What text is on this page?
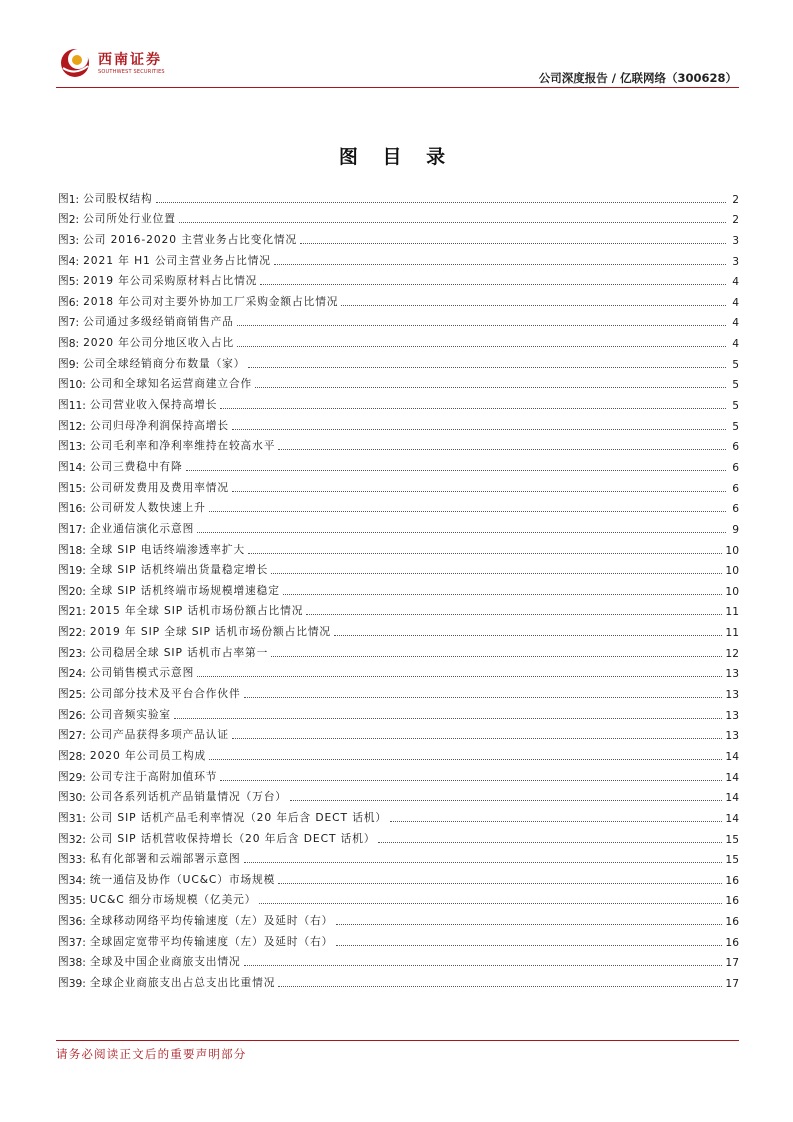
西南证券
SOUTHWEST SECURITIES	公司深度报告 / 亿联网络（300628）
图 目 录
图 1: 公司股权结构	2
图 2: 公司所处行业位置	2
图 3: 公司 2016-2020 主营业务占比变化情况	3
图 4: 2021 年 H1 公司主营业务占比情况	3
图 5: 2019 年公司采购原材料占比情况	4
图 6: 2018 年公司对主要外协加工厂采购金额占比情况	4
图 7: 公司通过多级经销商销售产品	4
图 8: 2020 年公司分地区收入占比	4
图 9: 公司全球经销商分布数量（家）	5
图 10: 公司和全球知名运营商建立合作	5
图 11: 公司营业收入保持高增长	5
图 12: 公司归母净利润保持高增长	5
图 13: 公司毛利率和净利率维持在较高水平	6
图 14: 公司三费稳中有降	6
图 15: 公司研发费用及费用率情况	6
图 16: 公司研发人数快速上升	6
图 17: 企业通信演化示意图	9
图 18: 全球 SIP 电话终端渗透率扩大	10
图 19: 全球 SIP 话机终端出货量稳定增长	10
图 20: 全球 SIP 话机终端市场规模增速稳定	10
图 21: 2015 年全球 SIP 话机市场份额占比情况	11
图 22: 2019 年 SIP 全球 SIP 话机市场份额占比情况	11
图 23: 公司稳居全球 SIP 话机市占率第一	12
图 24: 公司销售模式示意图	13
图 25: 公司部分技术及平台合作伙伴	13
图 26: 公司音频实验室	13
图 27: 公司产品获得多项产品认证	13
图 28: 2020 年公司员工构成	14
图 29: 公司专注于高附加值环节	14
图 30: 公司各系列话机产品销量情况（万台）	14
图 31: 公司 SIP 话机产品毛利率情况（20 年后含 DECT 话机）	14
图 32: 公司 SIP 话机营收保持增长（20 年后含 DECT 话机）	15
图 33: 私有化部署和云端部署示意图	15
图 34: 统一通信及协作（UC&C）市场规模	16
图 35: UC&C 细分市场规模（亿美元）	16
图 36: 全球移动网络平均传输速度（左）及延时（右）	16
图 37: 全球固定宽带平均传输速度（左）及延时（右）	16
图 38: 全球及中国企业商旅支出情况	17
图 39: 全球企业商旅支出占总支出比重情况	17
请务必阅读正文后的重要声明部分
